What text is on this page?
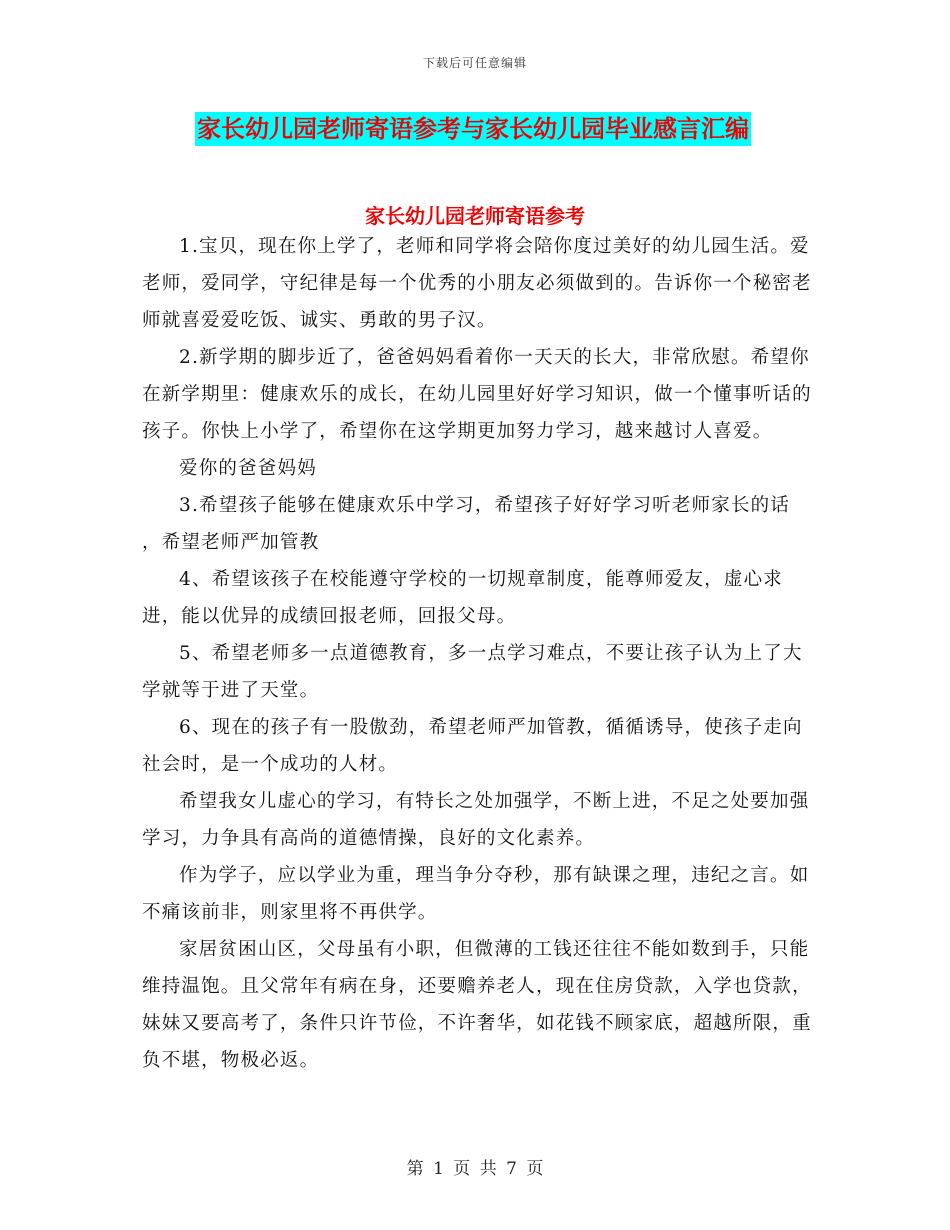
下载后可任意编辑
家长幼儿园老师寄语参考与家长幼儿园毕业感言汇编
家长幼儿园老师寄语参考

1.宝贝，现在你上学了，老师和同学将会陪你度过美好的幼儿园生活。爱老师，爱同学，守纪律是每一个优秀的小朋友必须做到的。告诉你一个秘密老师就喜爱爱吃饭、诚实、勇敢的男子汉。

2.新学期的脚步近了，爸爸妈妈看着你一天天的长大，非常欣慰。希望你在新学期里：健康欢乐的成长，在幼儿园里好好学习知识，做一个懂事听话的孩子。你快上小学了，希望你在这学期更加努力学习，越来越讨人喜爱。

爱你的爸爸妈妈

3.希望孩子能够在健康欢乐中学习，希望孩子好好学习听老师家长的话 ，希望老师严加管教

4、希望该孩子在校能遵守学校的一切规章制度，能尊师爱友，虚心求进，能以优异的成绩回报老师，回报父母。

5、希望老师多一点道德教育，多一点学习难点，不要让孩子认为上了大学就等于进了天堂。

6、现在的孩子有一股傲劲，希望老师严加管教，循循诱导，使孩子走向社会时，是一个成功的人材。

希望我女儿虚心的学习，有特长之处加强学，不断上进，不足之处要加强学习，力争具有高尚的道德情操，良好的文化素养。

作为学子，应以学业为重，理当争分夺秒，那有缺课之理，违纪之言。如不痛该前非，则家里将不再供学。

家居贫困山区，父母虽有小职，但微薄的工钱还往往不能如数到手，只能维持温饱。且父常年有病在身，还要赡养老人，现在住房贷款，入学也贷款，妹妹又要高考了，条件只许节俭，不许奢华，如花钱不顾家底，超越所限，重负不堪，物极必返。

第 1 页 共 7 页
